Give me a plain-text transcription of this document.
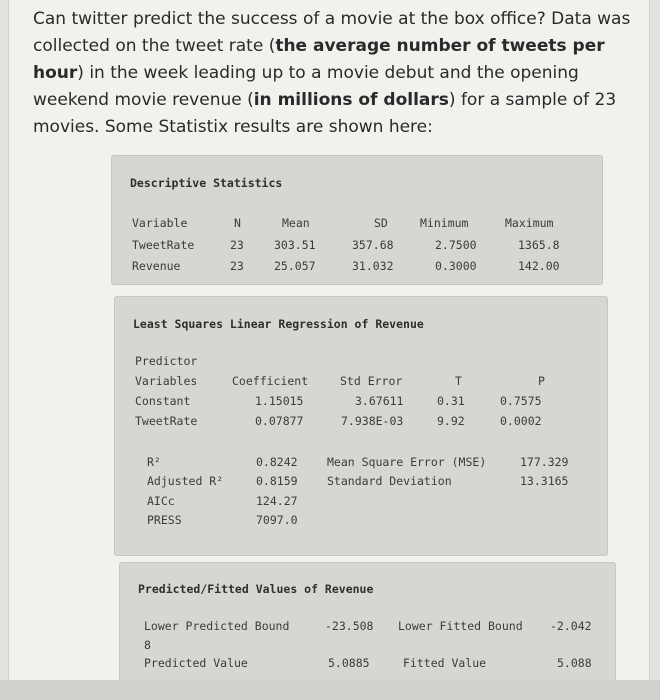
Can twitter predict the success of a movie at the box office? Data was collected on the tweet rate (the average number of tweets per hour) in the week leading up to a movie debut and the opening weekend movie revenue (in millions of dollars) for a sample of 23 movies. Some Statistix results are shown here:
Descriptive Statistics
Variable	N	Mean	SD	Minimum	Maximum
TweetRate	23	303.51	357.68	2.7500	1365.8
Revenue	23	25.057	31.032	0.3000	142.00
Least Squares Linear Regression of Revenue
Predictor
Variables	Coefficient	Std Error	T	P
Constant	1.15015	3.67611	0.31	0.7575
TweetRate	0.07877	7.938E-03	9.92	0.0002
R²	0.8242
Adjusted R²	0.8159
AICc	124.27
PRESS	7097.0
Mean Square Error (MSE)	177.329
Standard Deviation	13.3165
Predicted/Fitted Values of Revenue
Lower Predicted Bound	-23.508 Lower Fitted Bound -2.042
8
Predicted Value	5.0885	Fitted Value	5.088
